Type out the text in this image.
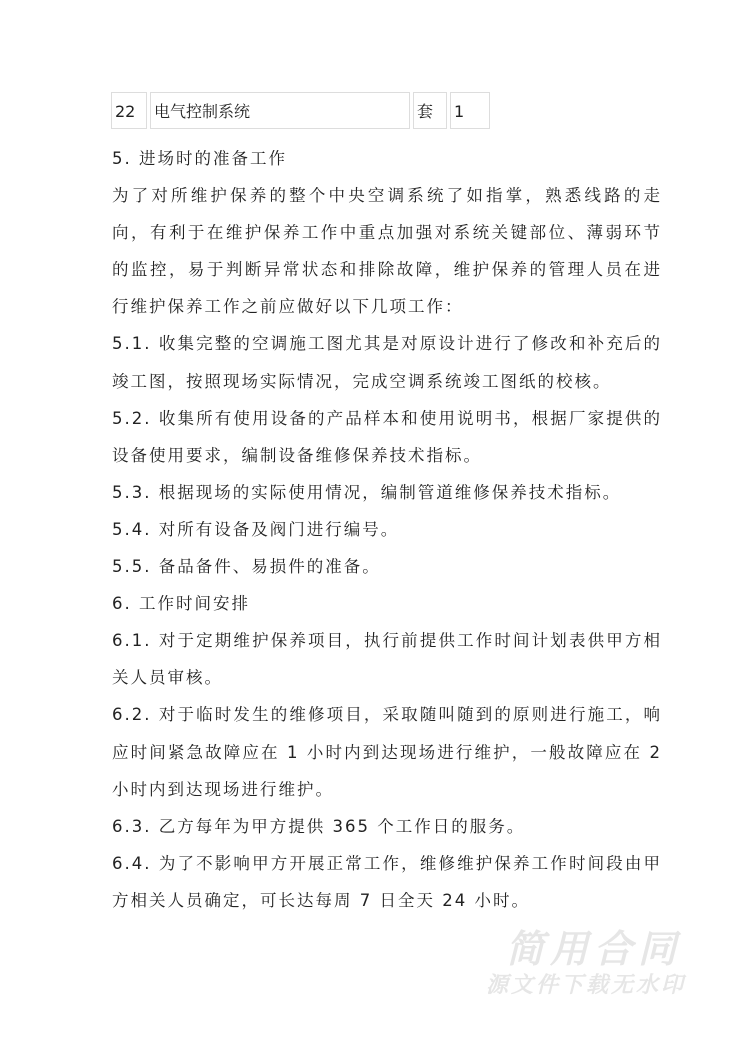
22	电气控制系统	套	1

5. 进场时的准备工作

为了对所维护保养的整个中央空调系统了如指掌，熟悉线路的走向，有利于在维护保养工作中重点加强对系统关键部位、薄弱环节的监控，易于判断异常状态和排除故障，维护保养的管理人员在进行维护保养工作之前应做好以下几项工作：

5.1. 收集完整的空调施工图尤其是对原设计进行了修改和补充后的竣工图，按照现场实际情况，完成空调系统竣工图纸的校核。

5.2. 收集所有使用设备的产品样本和使用说明书，根据厂家提供的设备使用要求，编制设备维修保养技术指标。

5.3. 根据现场的实际使用情况，编制管道维修保养技术指标。

5.4. 对所有设备及阀门进行编号。

5.5. 备品备件、易损件的准备。

6. 工作时间安排

6.1. 对于定期维护保养项目，执行前提供工作时间计划表供甲方相关人员审核。

6.2. 对于临时发生的维修项目，采取随叫随到的原则进行施工，响应时间紧急故障应在 1 小时内到达现场进行维护，一般故障应在 2 小时内到达现场进行维护。

6.3. 乙方每年为甲方提供 365 个工作日的服务。

6.4. 为了不影响甲方开展正常工作，维修维护保养工作时间段由甲方相关人员确定，可长达每周 7 日全天 24 小时。

简用合同
源文件下载无水印
